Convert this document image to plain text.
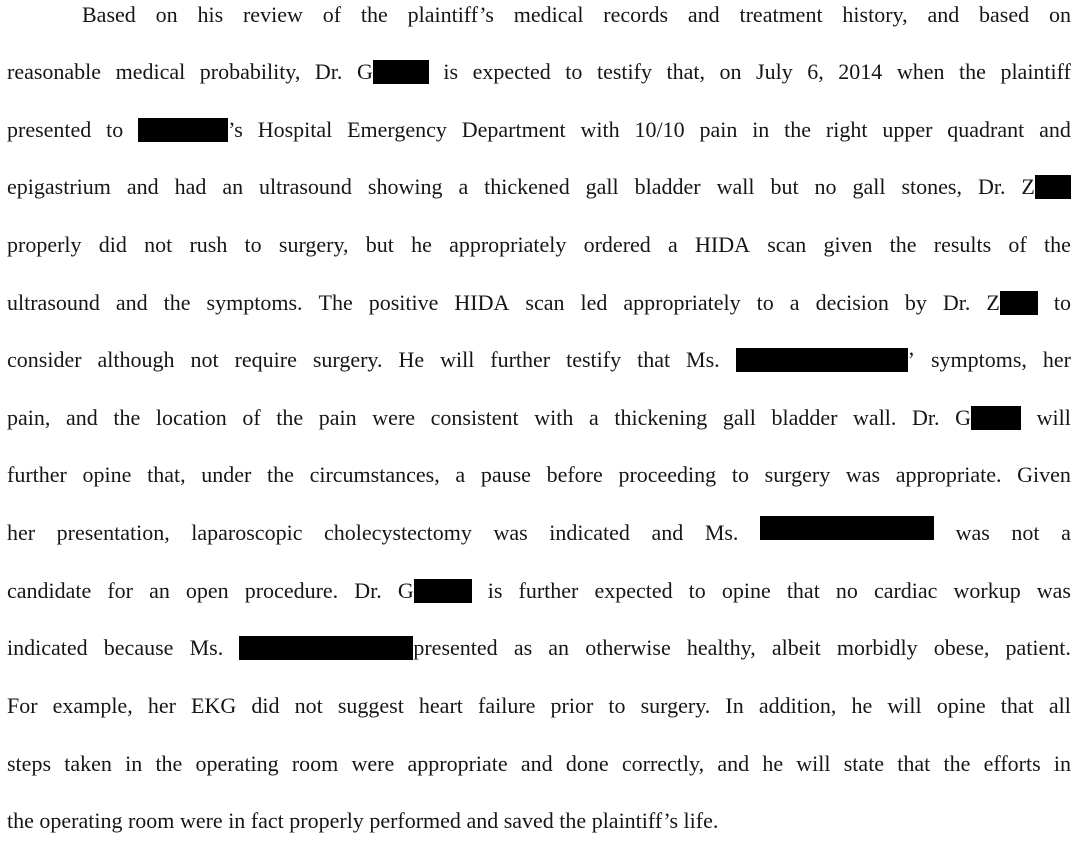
Based on his review of the plaintiff’s medical records and treatment history, and based on
reasonable medical probability, Dr. G	is expected to testify that, on July 6, 2014 when the plaintiff
presented to	’s Hospital Emergency Department with 10/10 pain in the right upper quadrant and
epigastrium and had an ultrasound showing a thickened gall bladder wall but no gall stones, Dr. Z
properly did not rush to surgery, but he appropriately ordered a HIDA scan given the results of the
ultrasound and the symptoms. The positive HIDA scan led appropriately to a decision by Dr. Z	to
consider although not require surgery. He will further testify that Ms.	’ symptoms, her
pain, and the location of the pain were consistent with a thickening gall bladder wall. Dr. G	will
further opine that, under the circumstances, a pause before proceeding to surgery was appropriate. Given
her presentation, laparoscopic cholecystectomy was indicated and Ms.	was not a
candidate for an open procedure. Dr. G	is further expected to opine that no cardiac workup was
indicated because Ms.	presented as an otherwise healthy, albeit morbidly obese, patient.
For example, her EKG did not suggest heart failure prior to surgery. In addition, he will opine that all
steps taken in the operating room were appropriate and done correctly, and he will state that the efforts in
the
operating
room
were
in
fact
properly
performed
and
saved
the
plaintiff’s
life.
